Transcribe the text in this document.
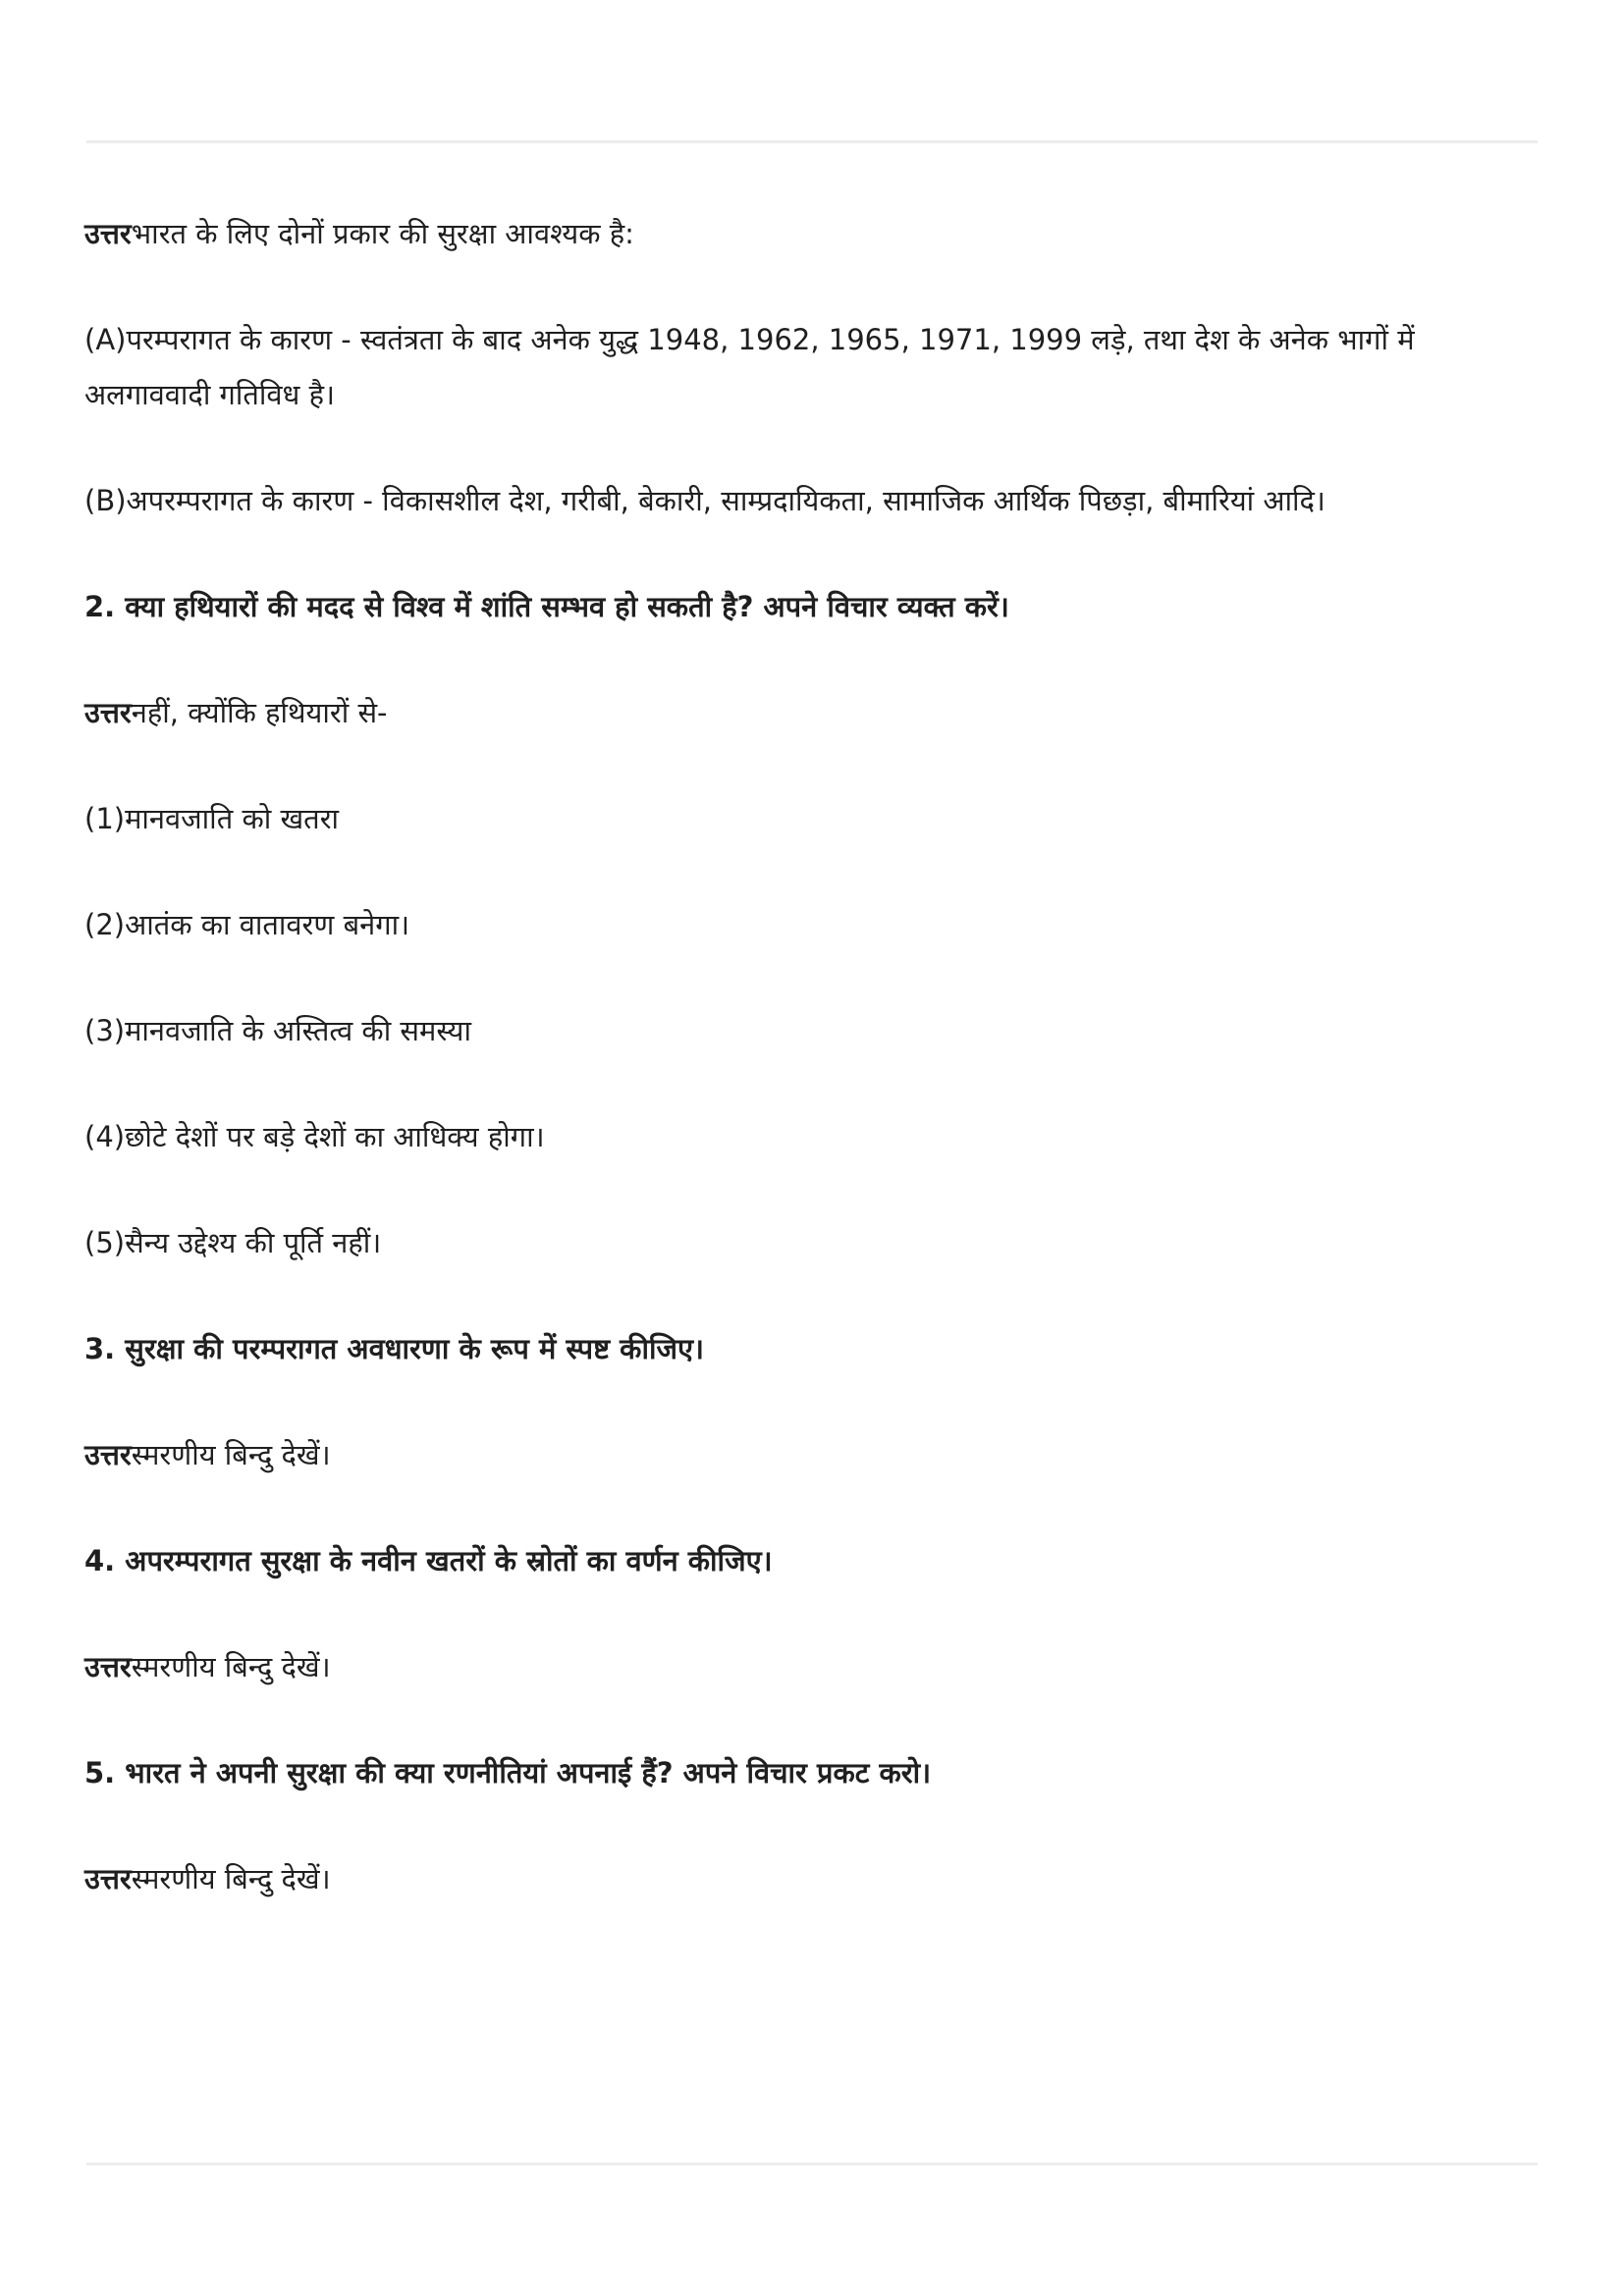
उत्तरभारत के लिए दोनों प्रकार की सुरक्षा आवश्यक है:

(A)परम्परागत के कारण - स्वतंत्रता के बाद अनेक युद्ध 1948, 1962, 1965, 1971, 1999 लड़े, तथा देश के अनेक भागों में अलगाववादी गतिविध है।

(B)अपरम्परागत के कारण - विकासशील देश, गरीबी, बेकारी, साम्प्रदायिकता, सामाजिक आर्थिक पिछड़ा, बीमारियां आदि।

2. क्या हथियारों की मदद से विश्व में शांति सम्भव हो सकती है? अपने विचार व्यक्त करें।

उत्तरनहीं, क्योंकि हथियारों से-

(1)मानवजाति को खतरा

(2)आतंक का वातावरण बनेगा।

(3)मानवजाति के अस्तित्व की समस्या

(4)छोटे देशों पर बड़े देशों का आधिक्य होगा।

(5)सैन्य उद्देश्य की पूर्ति नहीं।

3. सुरक्षा की परम्परागत अवधारणा के रूप में स्पष्ट कीजिए।

उत्तरस्मरणीय बिन्दु देखें।

4. अपरम्परागत सुरक्षा के नवीन खतरों के स्रोतों का वर्णन कीजिए।

उत्तरस्मरणीय बिन्दु देखें।

5. भारत ने अपनी सुरक्षा की क्या रणनीतियां अपनाई हैं? अपने विचार प्रकट करो।

उत्तरस्मरणीय बिन्दु देखें।
